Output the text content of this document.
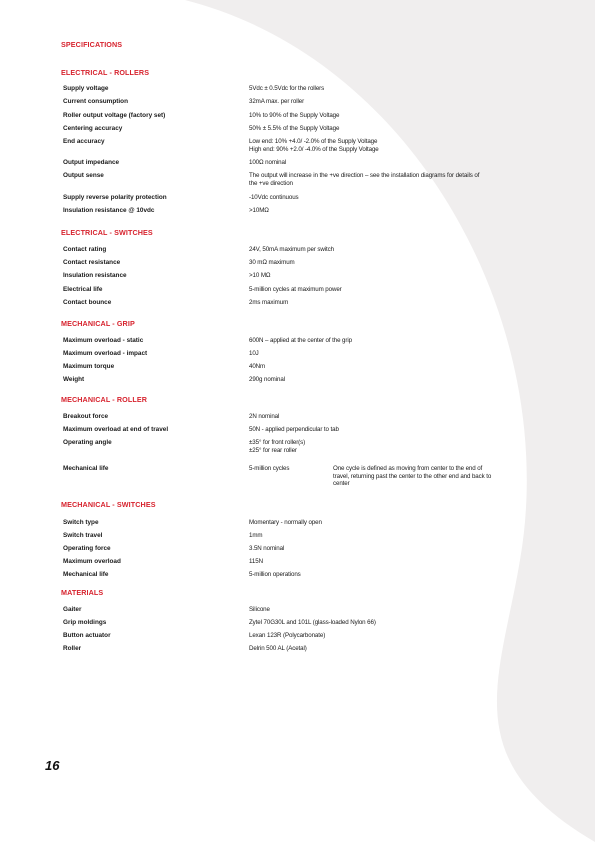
SPECIFICATIONS
ELECTRICAL - ROLLERS
Supply voltage	5Vdc ± 0.5Vdc for the rollers
Current consumption	32mA max. per roller
Roller output voltage (factory set)	10% to 90% of the Supply Voltage
Centering accuracy	50% ± 5.5% of the Supply Voltage
End accuracy	Low end: 10% +4.0/ -2.0% of the Supply Voltage
High end: 90% +2.0/ -4.0% of the Supply Voltage
Output impedance	100Ω nominal
Output sense	The output will increase in the +ve direction – see the installation diagrams for details of
the +ve direction
Supply reverse polarity protection	-10Vdc continuous
Insulation resistance @ 10vdc	>10MΩ
ELECTRICAL - SWITCHES
Contact rating	24V, 50mA maximum per switch
Contact resistance	30 mΩ maximum
Insulation resistance	>10 MΩ
Electrical life	5-million cycles at maximum power
Contact bounce	2ms maximum
MECHANICAL - GRIP
Maximum overload - static	600N – applied at the center of the grip
Maximum overload - impact	10J
Maximum torque	40Nm
Weight	290g nominal
MECHANICAL - ROLLER
Breakout force	2N nominal
Maximum overload at end of travel	50N - applied perpendicular to tab
Operating angle	±35° for front roller(s)
±25° for rear roller
Mechanical life	5-million cycles	One cycle is defined as moving from center to the end of
travel, returning past the center to the other end and back to
center
MECHANICAL - SWITCHES
Switch type	Momentary - normally open
Switch travel	1mm
Operating force	3.5N nominal
Maximum overload	115N
Mechanical life	5-million operations
MATERIALS
Gaiter	Silicone
Grip moldings	Zytel 70G30L and 101L (glass-loaded Nylon 66)
Button actuator	Lexan 123R (Polycarbonate)
Roller	Delrin 500 AL (Acetal)
16
